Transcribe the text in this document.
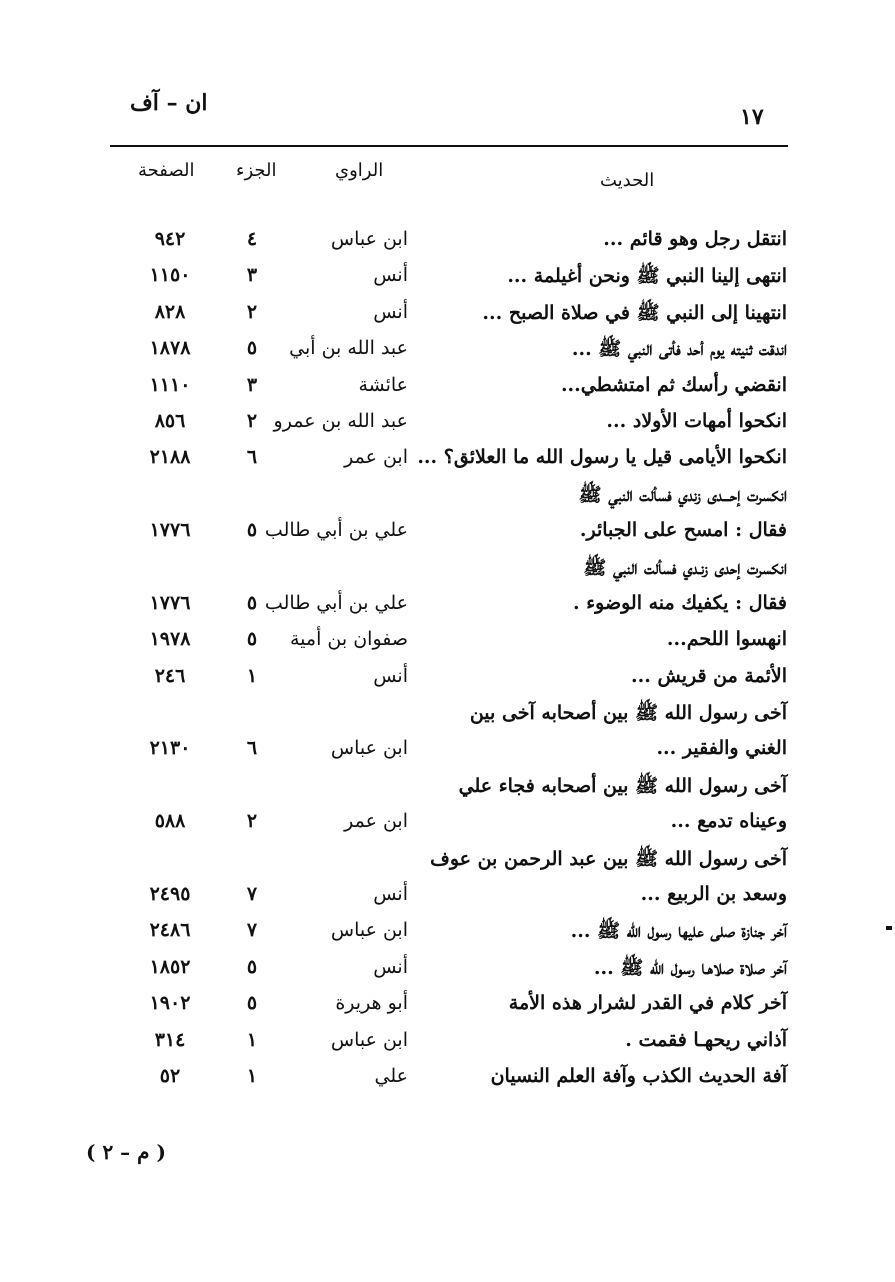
ان – آف
١٧
الحديث
الراوي
الجزء
الصفحة
انتقل رجل وهو قائم ...
ابن عباس
٤
٩٤٢
انتهى إلينا النبي ﷺ ونحن أغيلمة ...
أنس
٣
١١٥٠
انتهينا إلى النبي ﷺ في صلاة الصبح ...
أنس
٢
٨٢٨
اندقت ثنيته يوم أحد فأتى النبي ﷺ ...
عبد الله بن أبي
٥
١٨٧٨
انقضي رأسك ثم امتشطي...
عائشة
٣
١١١٠
انكحوا أمهات الأولاد ...
عبد الله بن عمرو
٢
٨٥٦
انكحوا الأيامى قيل يا رسول الله ما العلائق؟ ...
ابن عمر
٦
٢١٨٨
انكسرت إحـــدى زندي فسألت النبي ﷺ
فقال : امسح على الجبائر.
علي بن أبي طالب
٥
١٧٧٦
انكسرت إحدى زنـدي فسألت النبي ﷺ
فقال : يكفيك منه الوضوء .
علي بن أبي طالب
٥
١٧٧٦
انهسوا اللحم...
صفوان بن أمية
٥
١٩٧٨
الأئمة من قريش ...
أنس
١
٢٤٦
آخى رسول الله ﷺ بين أصحابه آخى بين
الغني والفقير ...
ابن عباس
٦
٢١٣٠
آخى رسول الله ﷺ بين أصحابه فجاء علي
وعيناه تدمع ...
ابن عمر
٢
٥٨٨
آخى رسول الله ﷺ بين عبد الرحمن بن عوف
وسعد بن الربيع ...
أنس
٧
٢٤٩٥
آخر جنازة صلى عليها رسول الله ﷺ ...
ابن عباس
٧
٢٤٨٦
آخر صلاة صلاهـا رسول الله ﷺ ...
أنس
٥
١٨٥٢
آخر كلام في القدر لشرار هذه الأمة
أبو هريرة
٥
١٩٠٢
آذاني ريحهـا فقمت .
ابن عباس
١
٣١٤
آفة الحديث الكذب وآفة العلم النسيان
علي
١
٥٢
( م – ٢ )
